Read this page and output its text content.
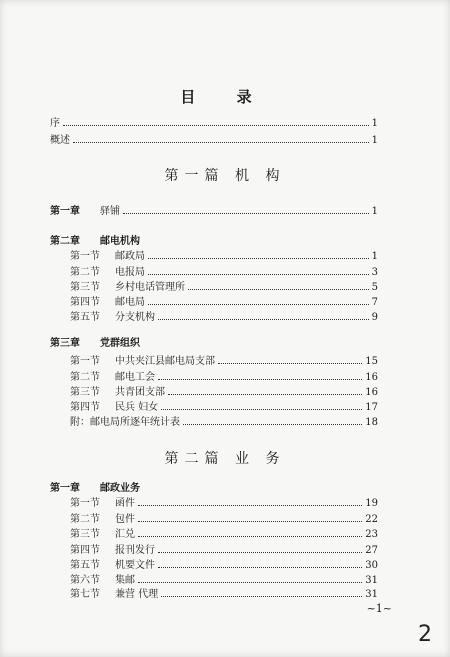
目 录
序	1
概述	1
第一篇 机 构
第一章	驿铺	1
第二章 邮电机构
第一节	邮政局	1
第二节	电报局	3
第三节	乡村电话管理所	5
第四节	邮电局	7
第五节	分支机构	9
第三章 党群组织
第一节	中共夹江县邮电局支部	15
第二节	邮电工会	16
第三节	共青团支部	16
第四节	民兵 妇女	17
附：邮电局所逐年统计表	18
第二篇 业 务
第一章 邮政业务
第一节	函件	19
第二节	包件	22
第三节	汇兑	23
第四节	报刊发行	27
第五节	机要文件	30
第六节	集邮	31
第七节	兼营 代理	31
~1~
2
